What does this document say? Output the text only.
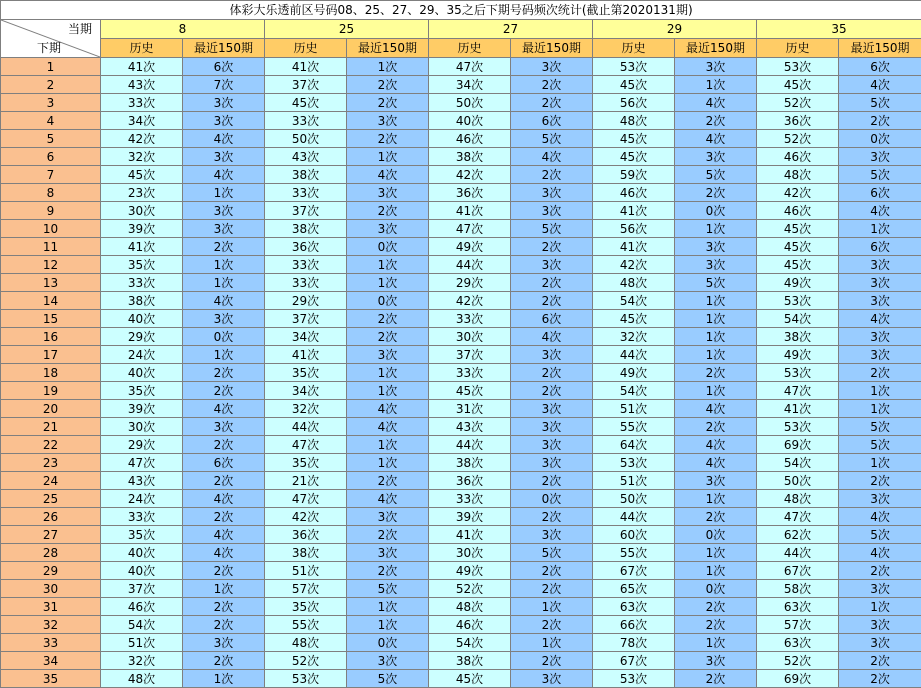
体彩大乐透前区号码08、25、27、29、35之后下期号码频次统计(截止第2020131期)										

当期
下期	8		25		27		29		35	
	历史	最近150期	历史	最近150期	历史	最近150期	历史	最近150期	历史	最近150期
1	41次	6次	41次	1次	47次	3次	53次	3次	53次	6次
2	43次	7次	37次	2次	34次	2次	45次	1次	45次	4次
3	33次	3次	45次	2次	50次	2次	56次	4次	52次	5次
4	34次	3次	33次	3次	40次	6次	48次	2次	36次	2次
5	42次	4次	50次	2次	46次	5次	45次	4次	52次	0次
6	32次	3次	43次	1次	38次	4次	45次	3次	46次	3次
7	45次	4次	38次	4次	42次	2次	59次	5次	48次	5次
8	23次	1次	33次	3次	36次	3次	46次	2次	42次	6次
9	30次	3次	37次	2次	41次	3次	41次	0次	46次	4次
10	39次	3次	38次	3次	47次	5次	56次	1次	45次	1次
11	41次	2次	36次	0次	49次	2次	41次	3次	45次	6次
12	35次	1次	33次	1次	44次	3次	42次	3次	45次	3次
13	33次	1次	33次	1次	29次	2次	48次	5次	49次	3次
14	38次	4次	29次	0次	42次	2次	54次	1次	53次	3次
15	40次	3次	37次	2次	33次	6次	45次	1次	54次	4次
16	29次	0次	34次	2次	30次	4次	32次	1次	38次	3次
17	24次	1次	41次	3次	37次	3次	44次	1次	49次	3次
18	40次	2次	35次	1次	33次	2次	49次	2次	53次	2次
19	35次	2次	34次	1次	45次	2次	54次	1次	47次	1次
20	39次	4次	32次	4次	31次	3次	51次	4次	41次	1次
21	30次	3次	44次	4次	43次	3次	55次	2次	53次	5次
22	29次	2次	47次	1次	44次	3次	64次	4次	69次	5次
23	47次	6次	35次	1次	38次	3次	53次	4次	54次	1次
24	43次	2次	21次	2次	36次	2次	51次	3次	50次	2次
25	24次	4次	47次	4次	33次	0次	50次	1次	48次	3次
26	33次	2次	42次	3次	39次	2次	44次	2次	47次	4次
27	35次	4次	36次	2次	41次	3次	60次	0次	62次	5次
28	40次	4次	38次	3次	30次	5次	55次	1次	44次	4次
29	40次	2次	51次	2次	49次	2次	67次	1次	67次	2次
30	37次	1次	57次	5次	52次	2次	65次	0次	58次	3次
31	46次	2次	35次	1次	48次	1次	63次	2次	63次	1次
32	54次	2次	55次	1次	46次	2次	66次	2次	57次	3次
33	51次	3次	48次	0次	54次	1次	78次	1次	63次	3次
34	32次	2次	52次	3次	38次	2次	67次	3次	52次	2次
35	48次	1次	53次	5次	45次	3次	53次	2次	69次	2次
